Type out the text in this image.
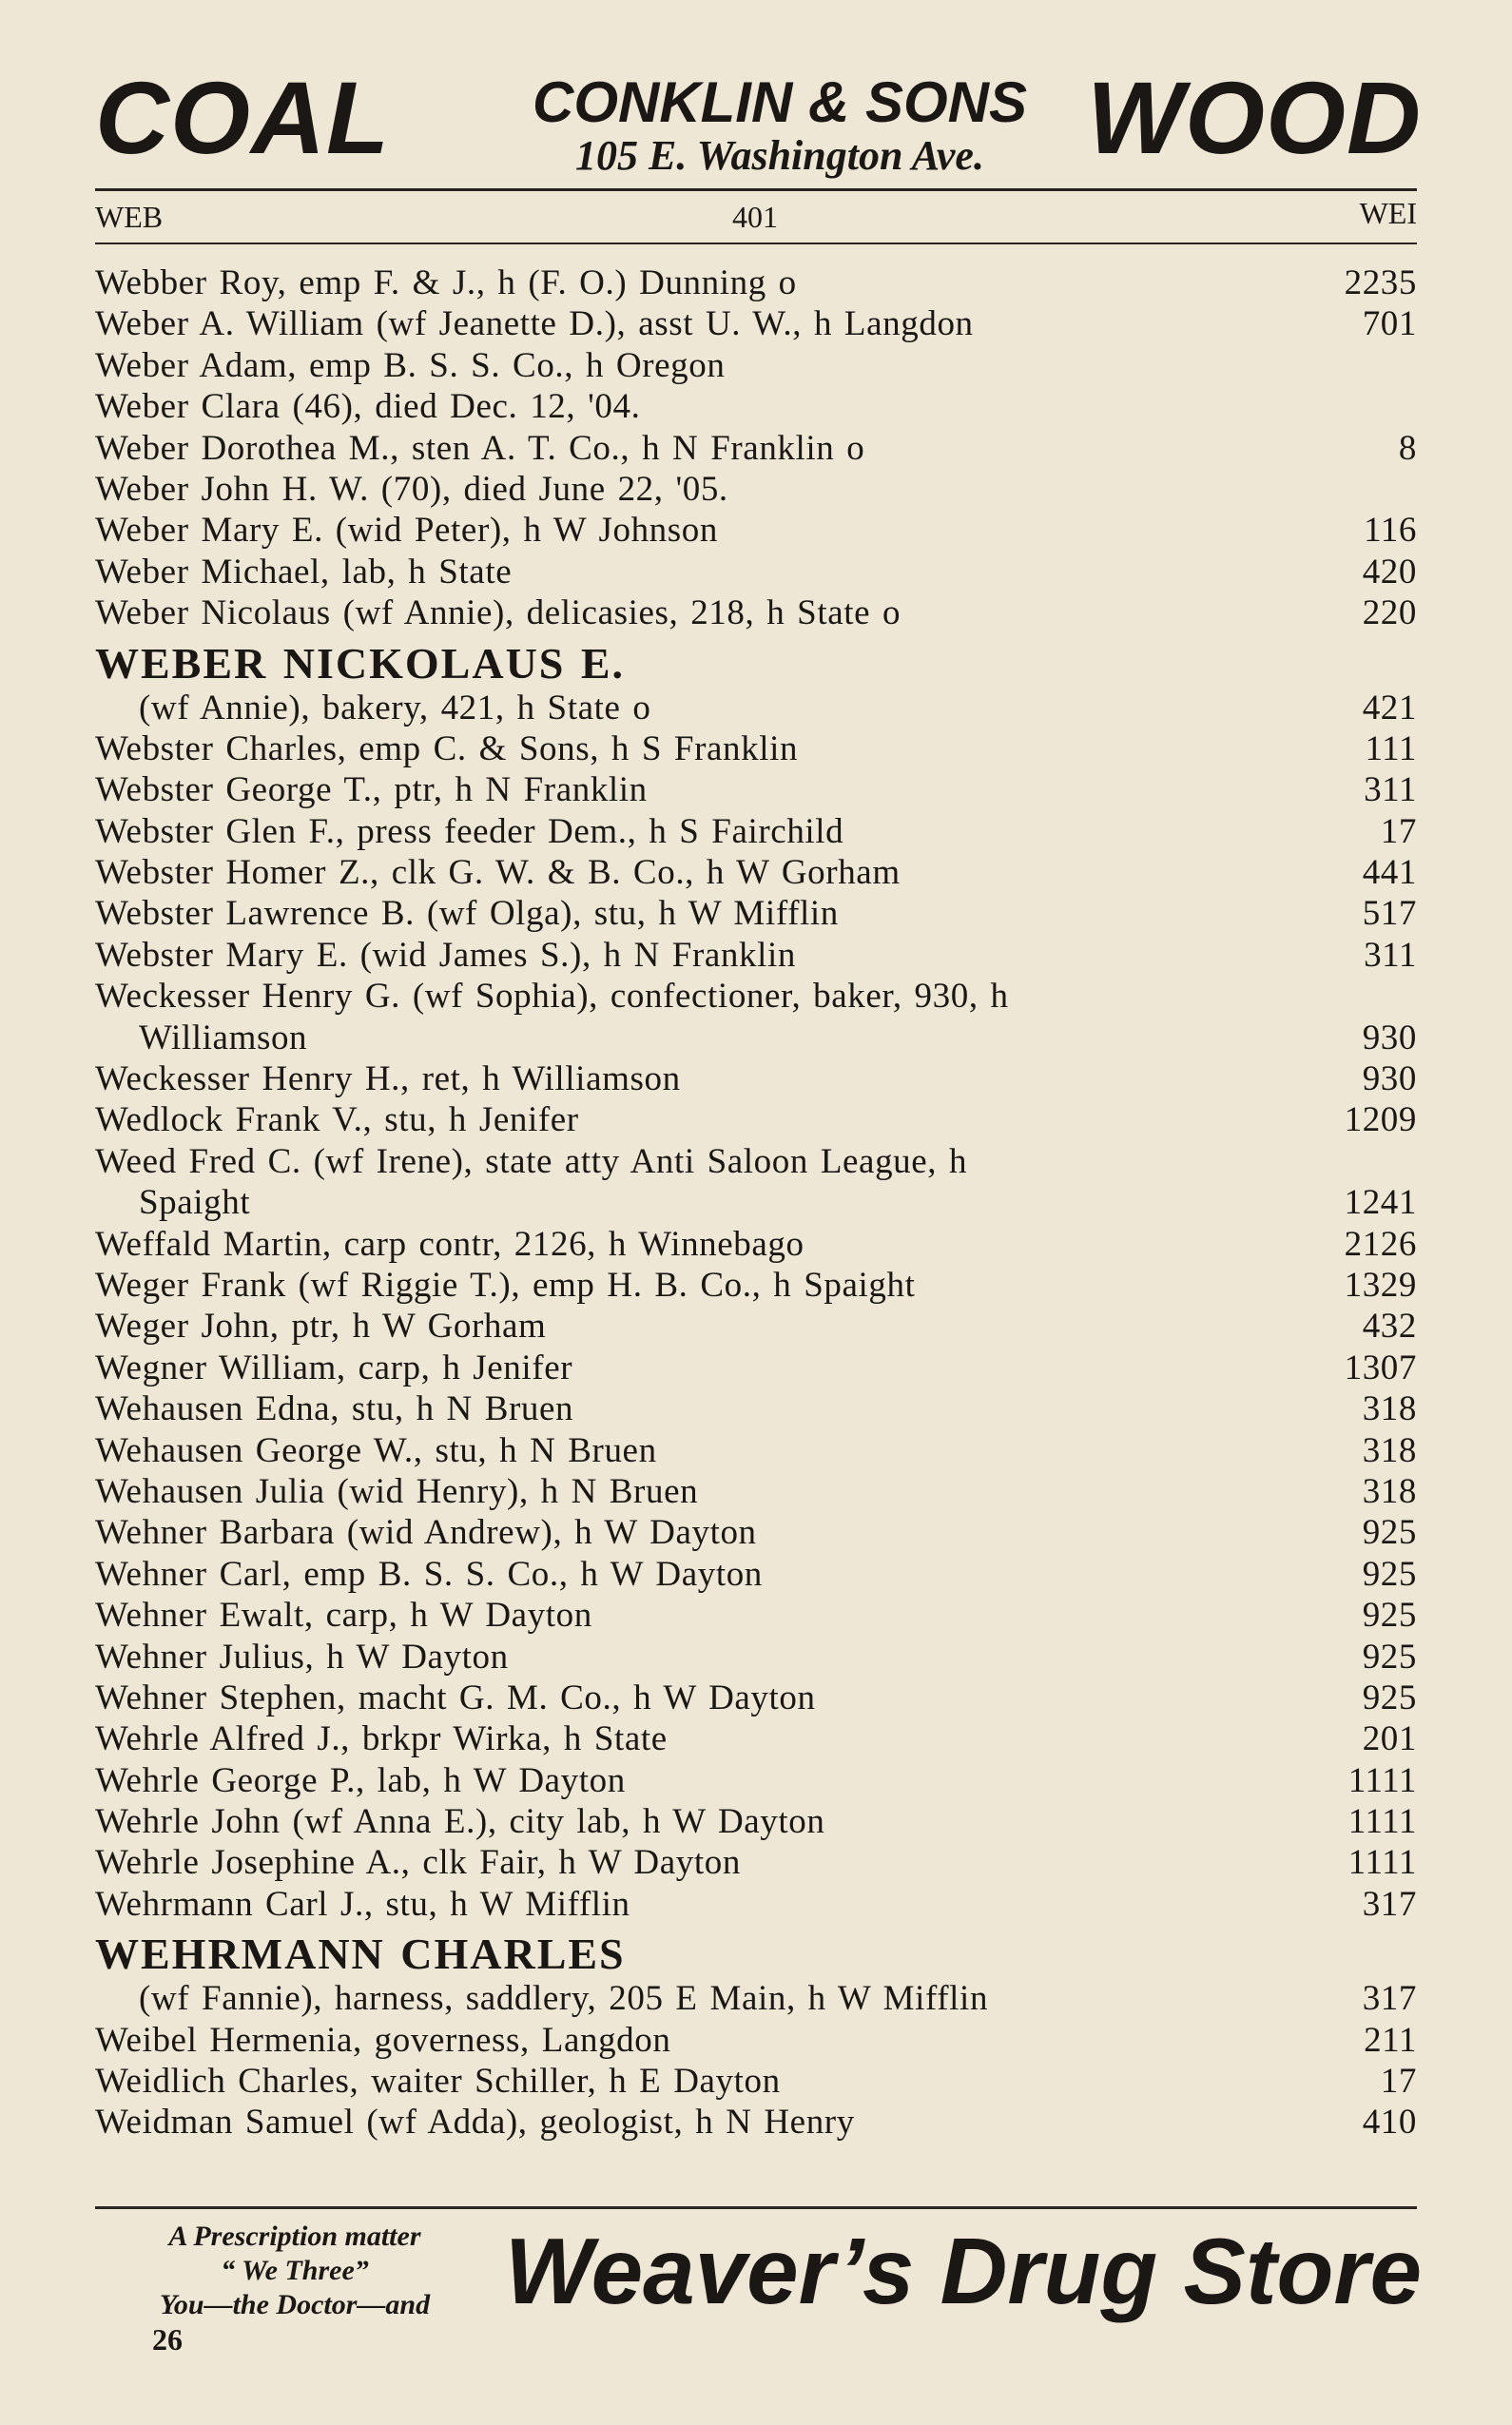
COAL	CONKLIN & SONS
105 E. Washington Ave.	WOOD
WEB	401	WEI
Webber Roy, emp F. & J., h (F. O.) Dunning o	2235
Weber A. William (wf Jeanette D.), asst U. W., h Langdon	701
Weber Adam, emp B. S. S. Co., h Oregon
Weber Clara (46), died Dec. 12, '04.
Weber Dorothea M., sten A. T. Co., h N Franklin o	8
Weber John H. W. (70), died June 22, '05.
Weber Mary E. (wid Peter), h W Johnson	116
Weber Michael, lab, h State	420
Weber Nicolaus (wf Annie), delicasies, 218, h State o	220
WEBER NICKOLAUS E.
(wf Annie), bakery, 421, h State o	421
Webster Charles, emp C. & Sons, h S Franklin	111
Webster George T., ptr, h N Franklin	311
Webster Glen F., press feeder Dem., h S Fairchild	17
Webster Homer Z., clk G. W. & B. Co., h W Gorham	441
Webster Lawrence B. (wf Olga), stu, h W Mifflin	517
Webster Mary E. (wid James S.), h N Franklin	311
Weckesser Henry G. (wf Sophia), confectioner, baker, 930, h
Williamson	930
Weckesser Henry H., ret, h Williamson	930
Wedlock Frank V., stu, h Jenifer	1209
Weed Fred C. (wf Irene), state atty Anti Saloon League, h
Spaight	1241
Weffald Martin, carp contr, 2126, h Winnebago	2126
Weger Frank (wf Riggie T.), emp H. B. Co., h Spaight	1329
Weger John, ptr, h W Gorham	432
Wegner William, carp, h Jenifer	1307
Wehausen Edna, stu, h N Bruen	318
Wehausen George W., stu, h N Bruen	318
Wehausen Julia (wid Henry), h N Bruen	318
Wehner Barbara (wid Andrew), h W Dayton	925
Wehner Carl, emp B. S. S. Co., h W Dayton	925
Wehner Ewalt, carp, h W Dayton	925
Wehner Julius, h W Dayton	925
Wehner Stephen, macht G. M. Co., h W Dayton	925
Wehrle Alfred J., brkpr Wirka, h State	201
Wehrle George P., lab, h W Dayton	1111
Wehrle John (wf Anna E.), city lab, h W Dayton	1111
Wehrle Josephine A., clk Fair, h W Dayton	1111
Wehrmann Carl J., stu, h W Mifflin	317
WEHRMANN CHARLES
(wf Fannie), harness, saddlery, 205 E Main, h W Mifflin	317
Weibel Hermenia, governess, Langdon	211
Weidlich Charles, waiter Schiller, h E Dayton	17
Weidman Samuel (wf Adda), geologist, h N Henry	410
A Prescription matter
“ We Three”
You—the Doctor—and Weaver’s Drug Store
26
